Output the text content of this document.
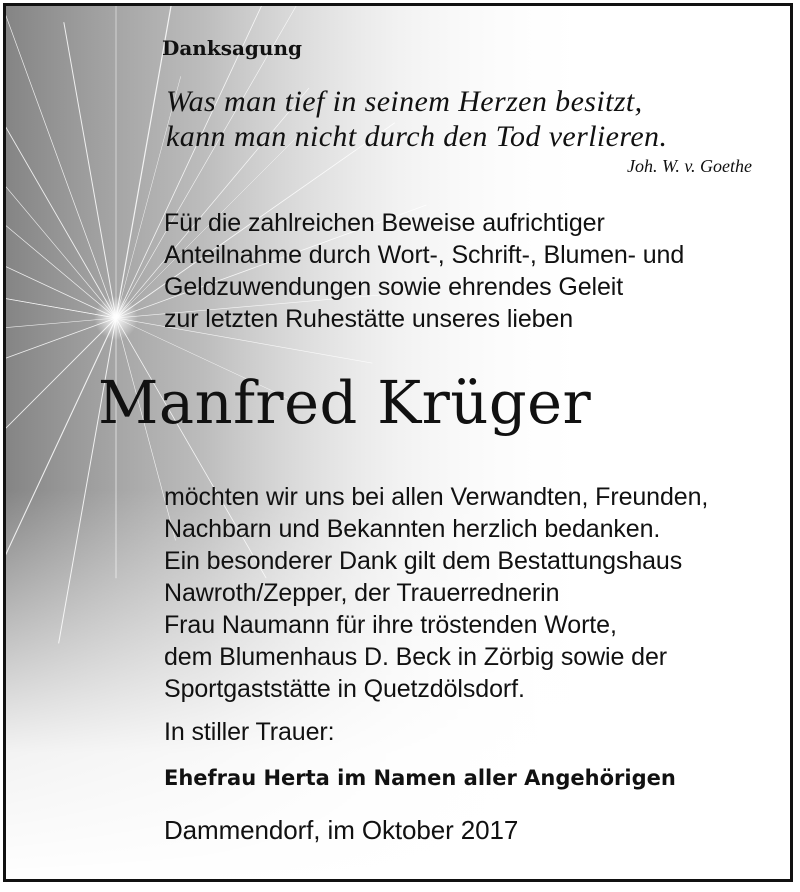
Danksagung
Was man tief in seinem Herzen besitzt,
kann man nicht durch den Tod verlieren.
Joh. W. v. Goethe
Für die zahlreichen Beweise aufrichtiger
Anteilnahme durch Wort-, Schrift-, Blumen- und
Geldzuwendungen sowie ehrendes Geleit
zur letzten Ruhestätte unseres lieben
Manfred Krüger
möchten wir uns bei allen Verwandten, Freunden,
Nachbarn und Bekannten herzlich bedanken.
Ein besonderer Dank gilt dem Bestattungshaus
Nawroth/Zepper, der Trauerrednerin
Frau Naumann für ihre tröstenden Worte,
dem Blumenhaus D. Beck in Zörbig sowie der
Sportgaststätte in Quetzdölsdorf.
In stiller Trauer:
Ehefrau Herta im Namen aller Angehörigen
Dammendorf, im Oktober 2017
